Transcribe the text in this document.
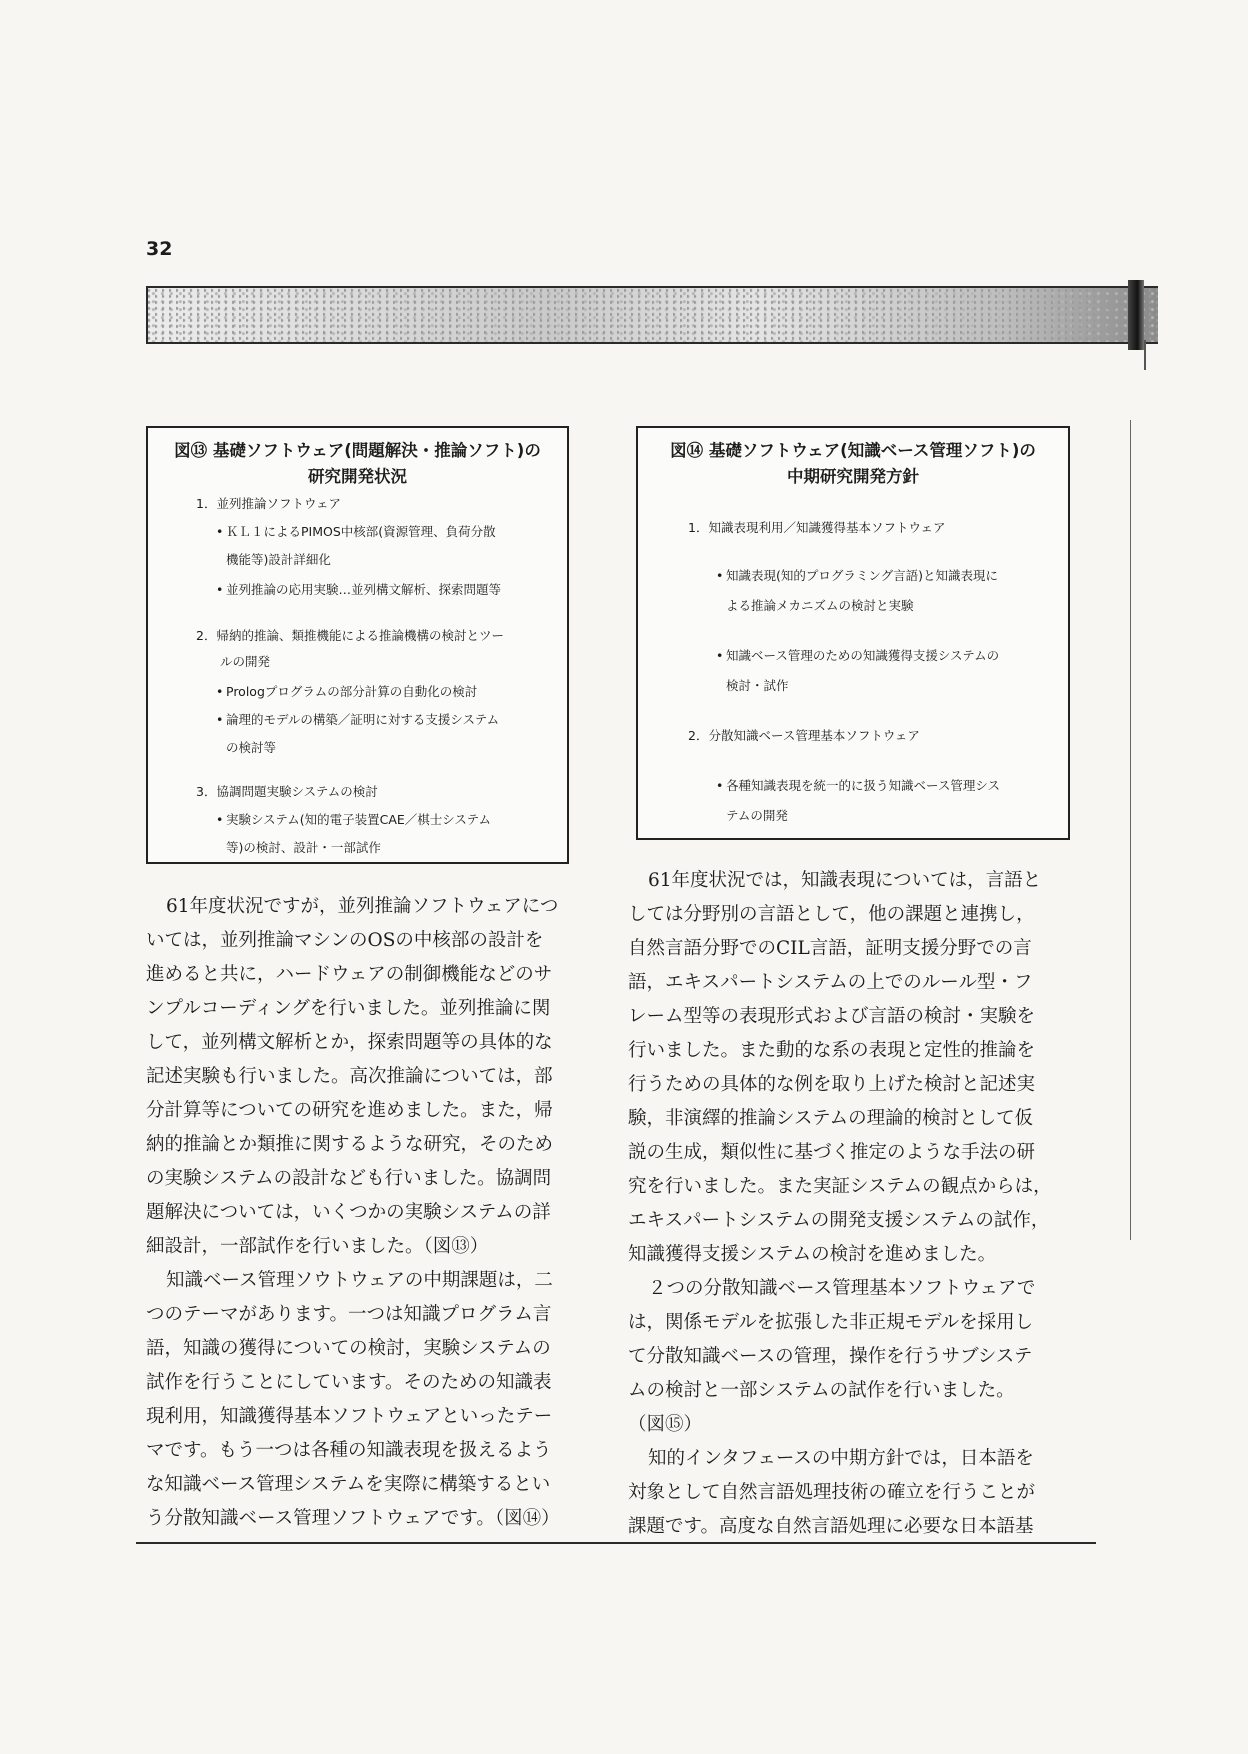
32
図⑬ 基礎ソフトウェア(問題解決・推論ソフト)の
研究開発状況
1．並列推論ソフトウェア
• ＫＬ１によるPIMOS中核部(資源管理、負荷分散
機能等)設計詳細化
• 並列推論の応用実験…並列構文解析、探索問題等
2．帰納的推論、類推機能による推論機構の検討とツー
ルの開発
• Prologプログラムの部分計算の自動化の検討
• 論理的モデルの構築／証明に対する支援システム
の検討等
3．協調問題実験システムの検討
• 実験システム(知的電子装置CAE／棋士システム
等)の検討、設計・一部試作
図⑭ 基礎ソフトウェア(知識ベース管理ソフト)の
中期研究開発方針
1．知識表現利用／知識獲得基本ソフトウェア
• 知識表現(知的プログラミング言語)と知識表現に
よる推論メカニズムの検討と実験
• 知識ベース管理のための知識獲得支援システムの
検討・試作
2．分散知識ベース管理基本ソフトウェア
• 各種知識表現を統一的に扱う知識ベース管理シス
テムの開発
61年度状況ですが，並列推論ソフトウェアにつ
いては，並列推論マシンのOSの中核部の設計を
進めると共に，ハードウェアの制御機能などのサ
ンプルコーディングを行いました。並列推論に関
して，並列構文解析とか，探索問題等の具体的な
記述実験も行いました。高次推論については，部
分計算等についての研究を進めました。また，帰
納的推論とか類推に関するような研究，そのため
の実験システムの設計なども行いました。協調問
題解決については，いくつかの実験システムの詳
細設計，一部試作を行いました。（図⑬）
知識ベース管理ソウトウェアの中期課題は，二
つのテーマがあります。一つは知識プログラム言
語，知識の獲得についての検討，実験システムの
試作を行うことにしています。そのための知識表
現利用，知識獲得基本ソフトウェアといったテー
マです。もう一つは各種の知識表現を扱えるよう
な知識ベース管理システムを実際に構築するとい
う分散知識ベース管理ソフトウェアです。（図⑭）
61年度状況では，知識表現については，言語と
しては分野別の言語として，他の課題と連携し，
自然言語分野でのCIL言語，証明支援分野での言
語，エキスパートシステムの上でのルール型・フ
レーム型等の表現形式および言語の検討・実験を
行いました。また動的な系の表現と定性的推論を
行うための具体的な例を取り上げた検討と記述実
験，非演繹的推論システムの理論的検討として仮
説の生成，類似性に基づく推定のような手法の研
究を行いました。また実証システムの観点からは，
エキスパートシステムの開発支援システムの試作，
知識獲得支援システムの検討を進めました。
２つの分散知識ベース管理基本ソフトウェアで
は，関係モデルを拡張した非正規モデルを採用し
て分散知識ベースの管理，操作を行うサブシステ
ムの検討と一部システムの試作を行いました。
（図⑮）
知的インタフェースの中期方針では，日本語を
対象として自然言語処理技術の確立を行うことが
課題です。高度な自然言語処理に必要な日本語基
